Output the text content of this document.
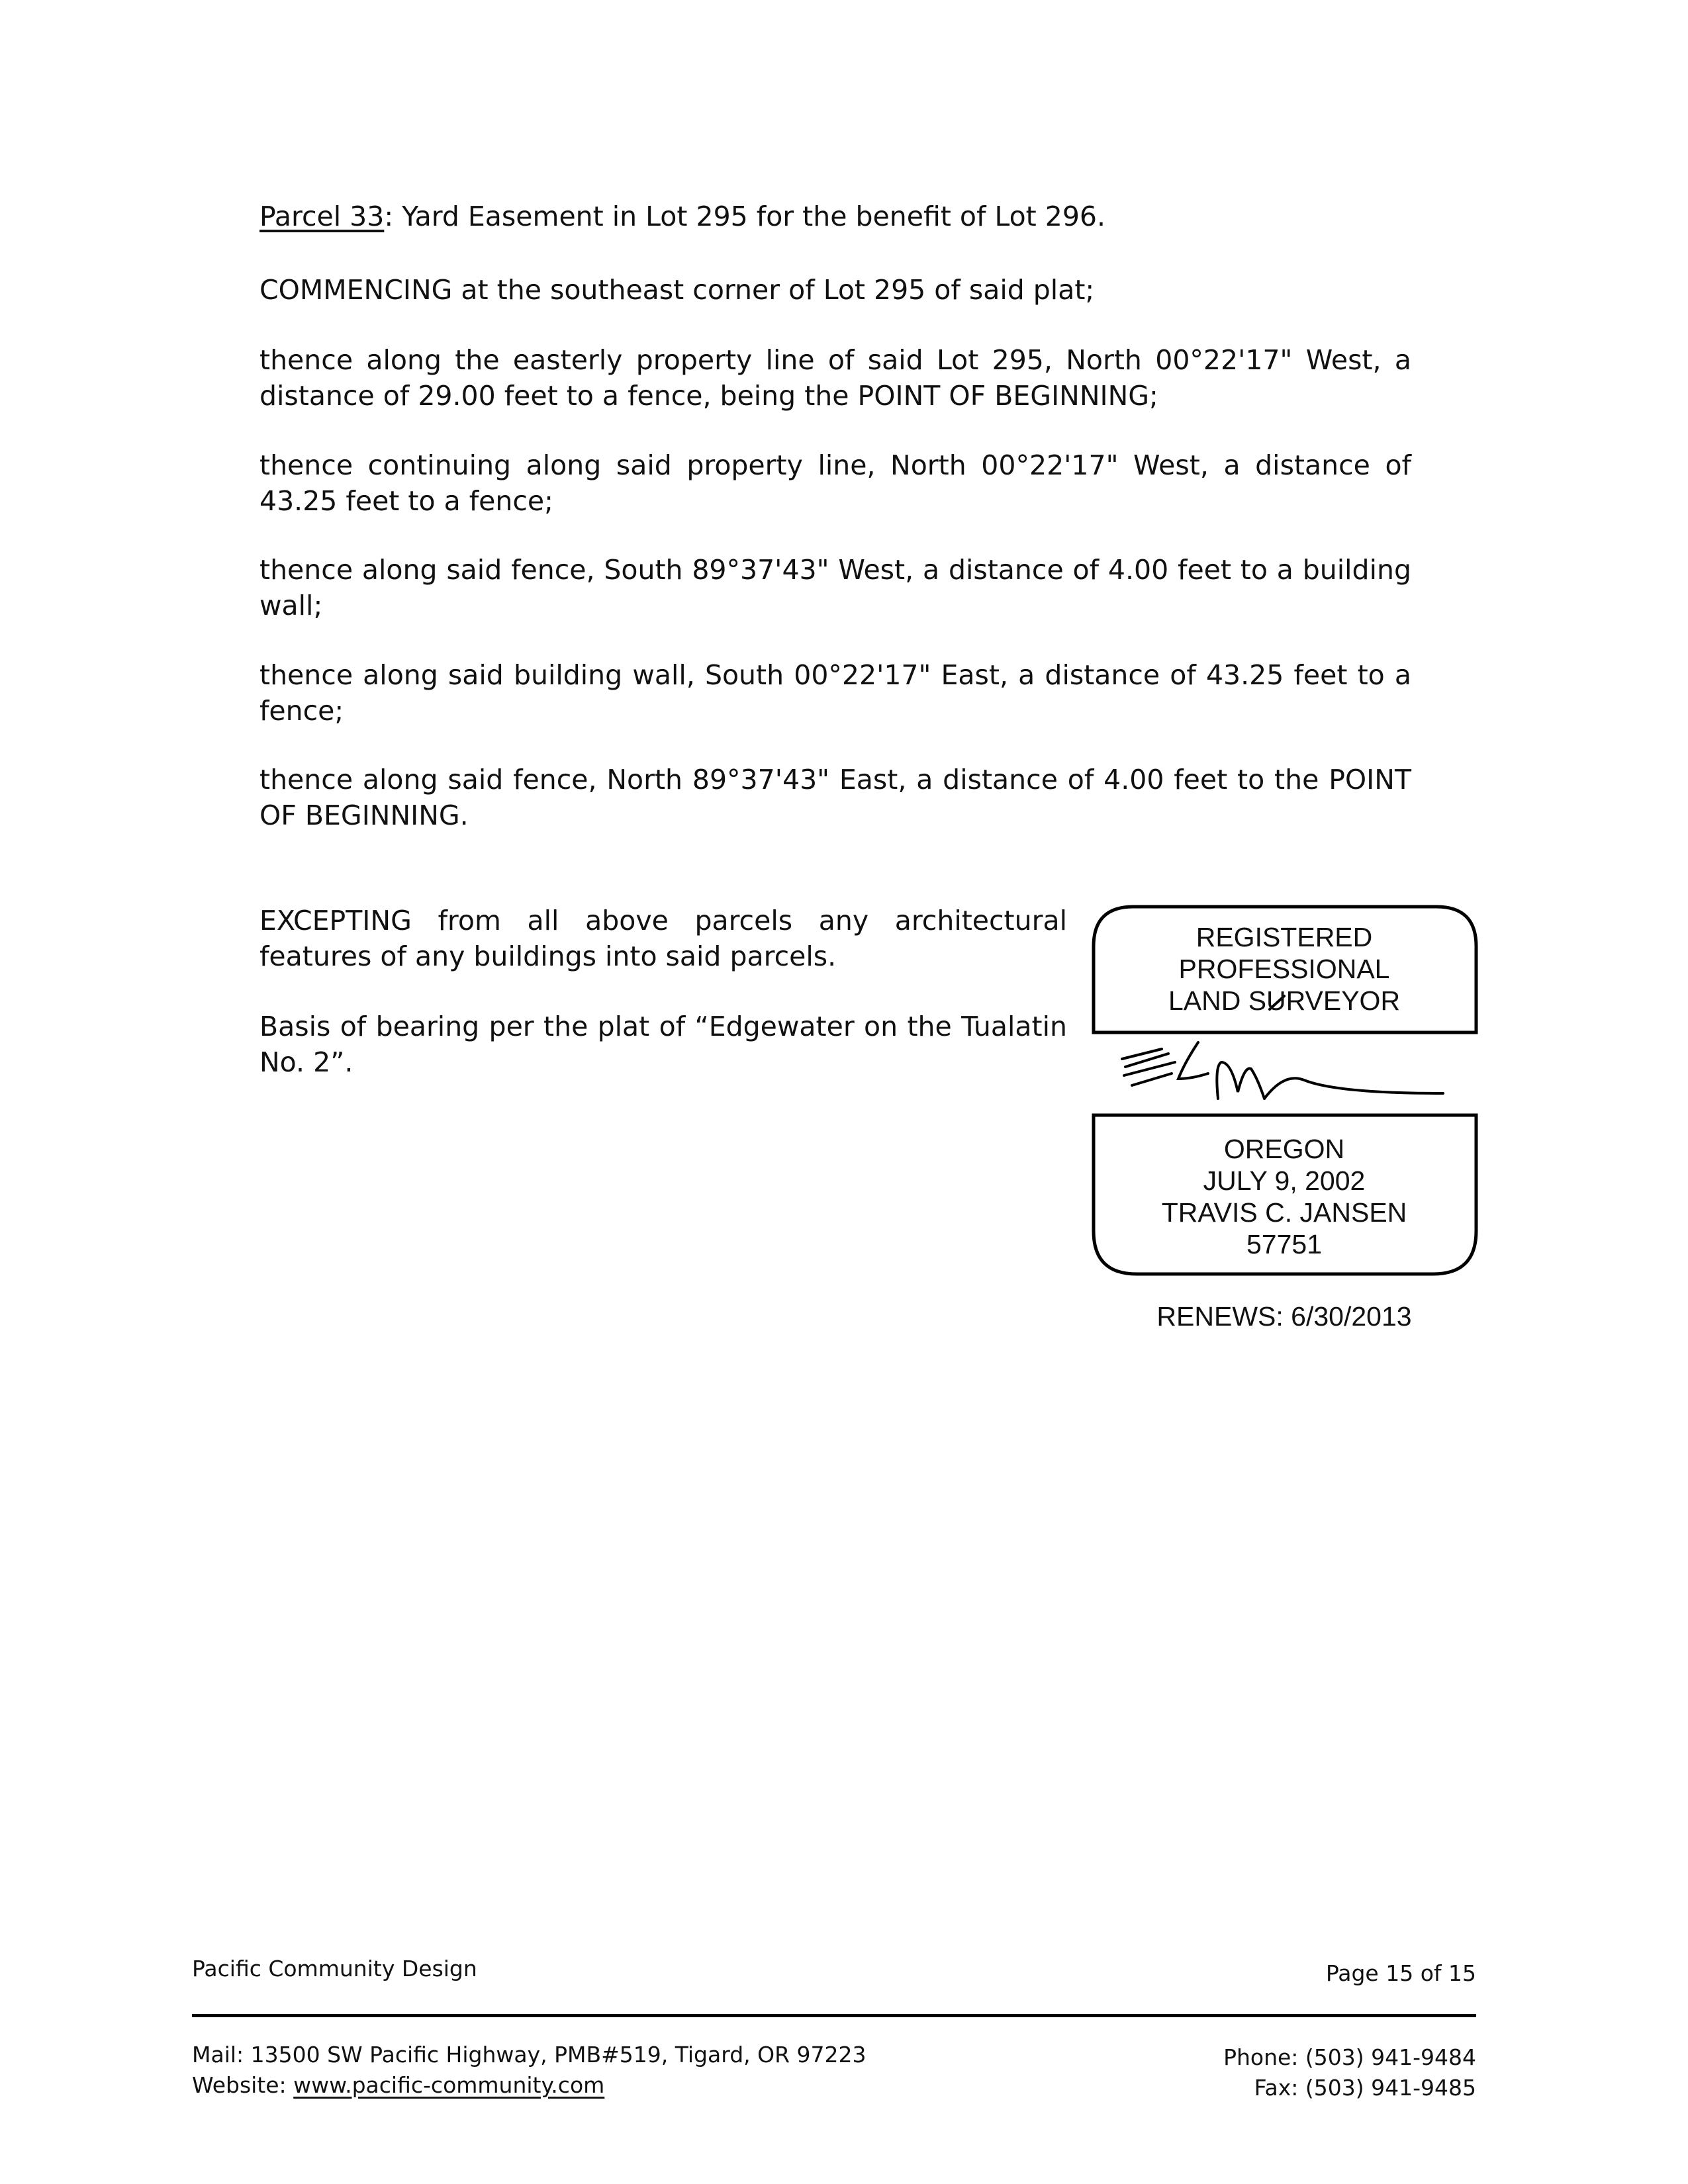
Parcel 33: Yard Easement in Lot 295 for the benefit of Lot 296.
COMMENCING at the southeast corner of Lot 295 of said plat;
thence along the easterly property line of said Lot 295, North 00°22'17" West, a distance of 29.00 feet to a fence, being the POINT OF BEGINNING;
thence continuing along said property line, North 00°22'17" West, a distance of 43.25 feet to a fence;
thence along said fence, South 89°37'43" West, a distance of 4.00 feet to a building wall;
thence along said building wall, South 00°22'17" East, a distance of 43.25 feet to a fence;
thence along said fence, North 89°37'43" East, a distance of 4.00 feet to the POINT OF BEGINNING.
EXCEPTING from all above parcels any architectural features of any buildings into said parcels.
Basis of bearing per the plat of “Edgewater on the Tualatin No. 2”.
REGISTERED
PROFESSIONAL
LAND SURVEYOR
OREGON
JULY 9, 2002
TRAVIS C. JANSEN
57751
RENEWS: 6/30/2013
Pacific Community Design	Page 15 of 15
Mail: 13500 SW Pacific Highway, PMB#519, Tigard, OR 97223
Website: www.pacific-community.com
Phone: (503) 941-9484
Fax: (503) 941-9485
